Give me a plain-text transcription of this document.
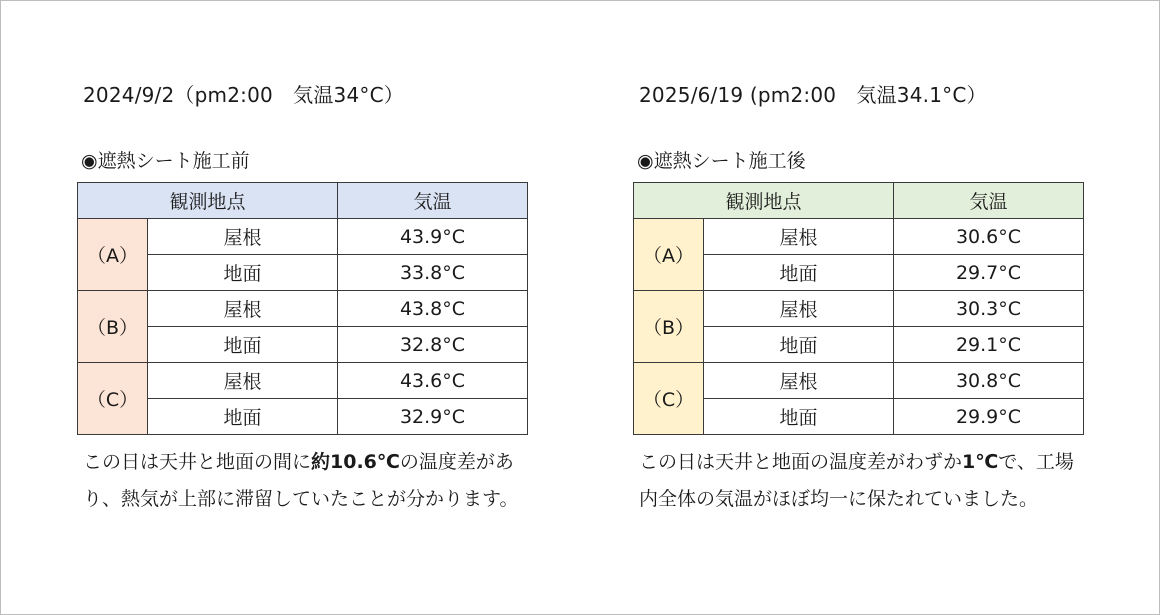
2024/9/2（pm2:00　気温34°C）
◉遮熱シート施工前
観測地点		気温
（A）	屋根	43.9°C
	地面	33.8°C
（B）	屋根	43.8°C
	地面	32.8°C
（C）	屋根	43.6°C
	地面	32.9°C
この日は天井と地面の間に約10.6℃の温度差があり、熱気が上部に滞留していたことが分かります。
2025/6/19 (pm2:00　気温34.1°C）
◉遮熱シート施工後
観測地点		気温
（A）	屋根	30.6°C
	地面	29.7°C
（B）	屋根	30.3°C
	地面	29.1°C
（C）	屋根	30.8°C
	地面	29.9°C
この日は天井と地面の温度差がわずか1℃で、工場内全体の気温がほぼ均一に保たれていました。
